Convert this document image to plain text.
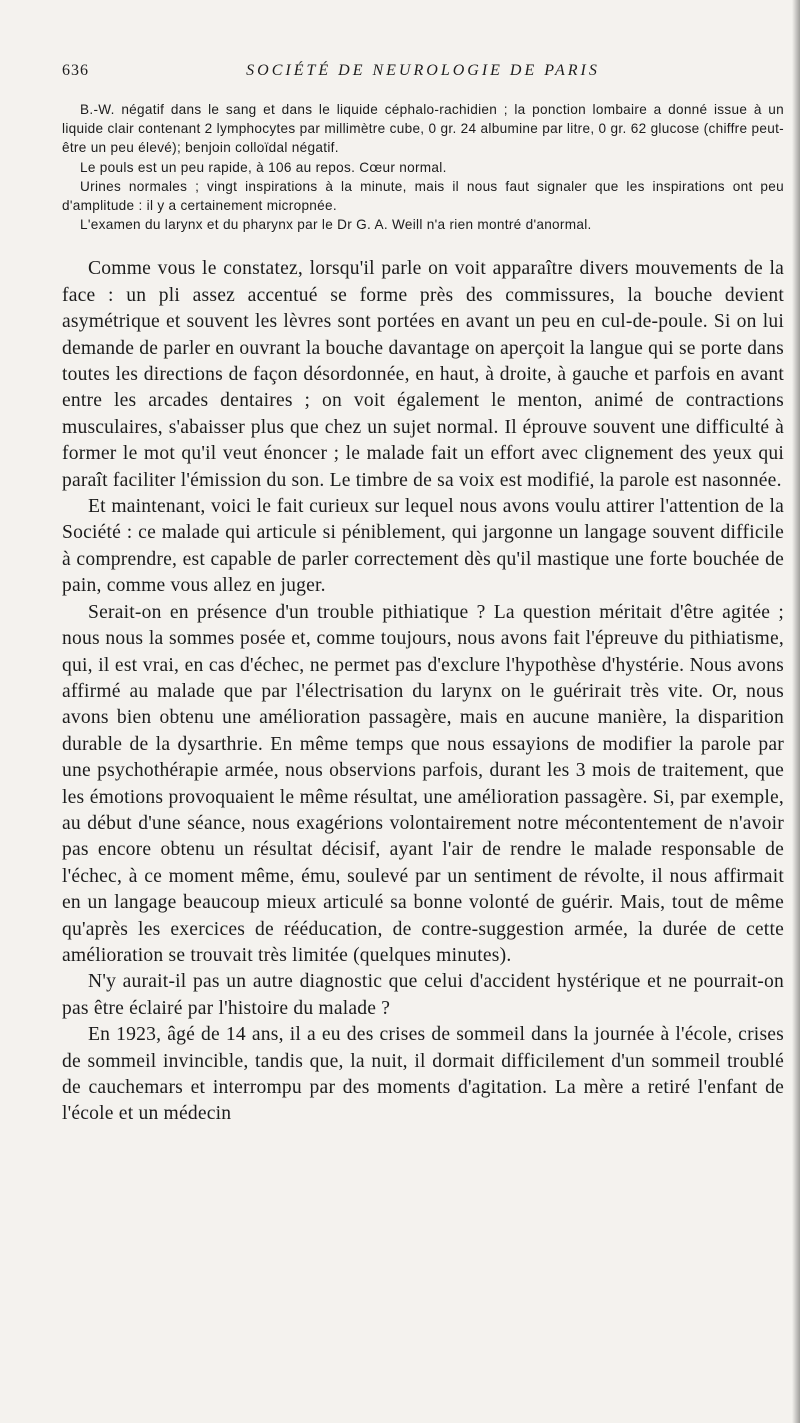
636	SOCIÉTÉ DE NEUROLOGIE DE PARIS

B.-W. négatif dans le sang et dans le liquide céphalo-rachidien ; la ponction lombaire a donné issue à un liquide clair contenant 2 lymphocytes par millimètre cube, 0 gr. 24 albumine par litre, 0 gr. 62 glucose (chiffre peut-être un peu élevé); benjoin colloïdal négatif.

Le pouls est un peu rapide, à 106 au repos. Cœur normal.

Urines normales ; vingt inspirations à la minute, mais il nous faut signaler que les inspirations ont peu d'amplitude : il y a certainement micropnée.

L'examen du larynx et du pharynx par le Dr G. A. Weill n'a rien montré d'anormal.

Comme vous le constatez, lorsqu'il parle on voit apparaître divers mouvements de la face : un pli assez accentué se forme près des commissures, la bouche devient asymétrique et souvent les lèvres sont portées en avant un peu en cul-de-poule. Si on lui demande de parler en ouvrant la bouche davantage on aperçoit la langue qui se porte dans toutes les directions de façon désordonnée, en haut, à droite, à gauche et parfois en avant entre les arcades dentaires ; on voit également le menton, animé de contractions musculaires, s'abaisser plus que chez un sujet normal. Il éprouve souvent une difficulté à former le mot qu'il veut énoncer ; le malade fait un effort avec clignement des yeux qui paraît faciliter l'émission du son. Le timbre de sa voix est modifié, la parole est nasonnée.

Et maintenant, voici le fait curieux sur lequel nous avons voulu attirer l'attention de la Société : ce malade qui articule si péniblement, qui jargonne un langage souvent difficile à comprendre, est capable de parler correctement dès qu'il mastique une forte bouchée de pain, comme vous allez en juger.

Serait-on en présence d'un trouble pithiatique ? La question méritait d'être agitée ; nous nous la sommes posée et, comme toujours, nous avons fait l'épreuve du pithiatisme, qui, il est vrai, en cas d'échec, ne permet pas d'exclure l'hypothèse d'hystérie. Nous avons affirmé au malade que par l'électrisation du larynx on le guérirait très vite. Or, nous avons bien obtenu une amélioration passagère, mais en aucune manière, la disparition durable de la dysarthrie. En même temps que nous essayions de modifier la parole par une psychothérapie armée, nous observions parfois, durant les 3 mois de traitement, que les émotions provoquaient le même résultat, une amélioration passagère. Si, par exemple, au début d'une séance, nous exagérions volontairement notre mécontentement de n'avoir pas encore obtenu un résultat décisif, ayant l'air de rendre le malade responsable de l'échec, à ce moment même, ému, soulevé par un sentiment de révolte, il nous affirmait en un langage beaucoup mieux articulé sa bonne volonté de guérir. Mais, tout de même qu'après les exercices de rééducation, de contre-suggestion armée, la durée de cette amélioration se trouvait très limitée (quelques minutes).

N'y aurait-il pas un autre diagnostic que celui d'accident hystérique et ne pourrait-on pas être éclairé par l'histoire du malade ?

En 1923, âgé de 14 ans, il a eu des crises de sommeil dans la journée à l'école, crises de sommeil invincible, tandis que, la nuit, il dormait difficilement d'un sommeil troublé de cauchemars et interrompu par des moments d'agitation. La mère a retiré l'enfant de l'école et un médecin
